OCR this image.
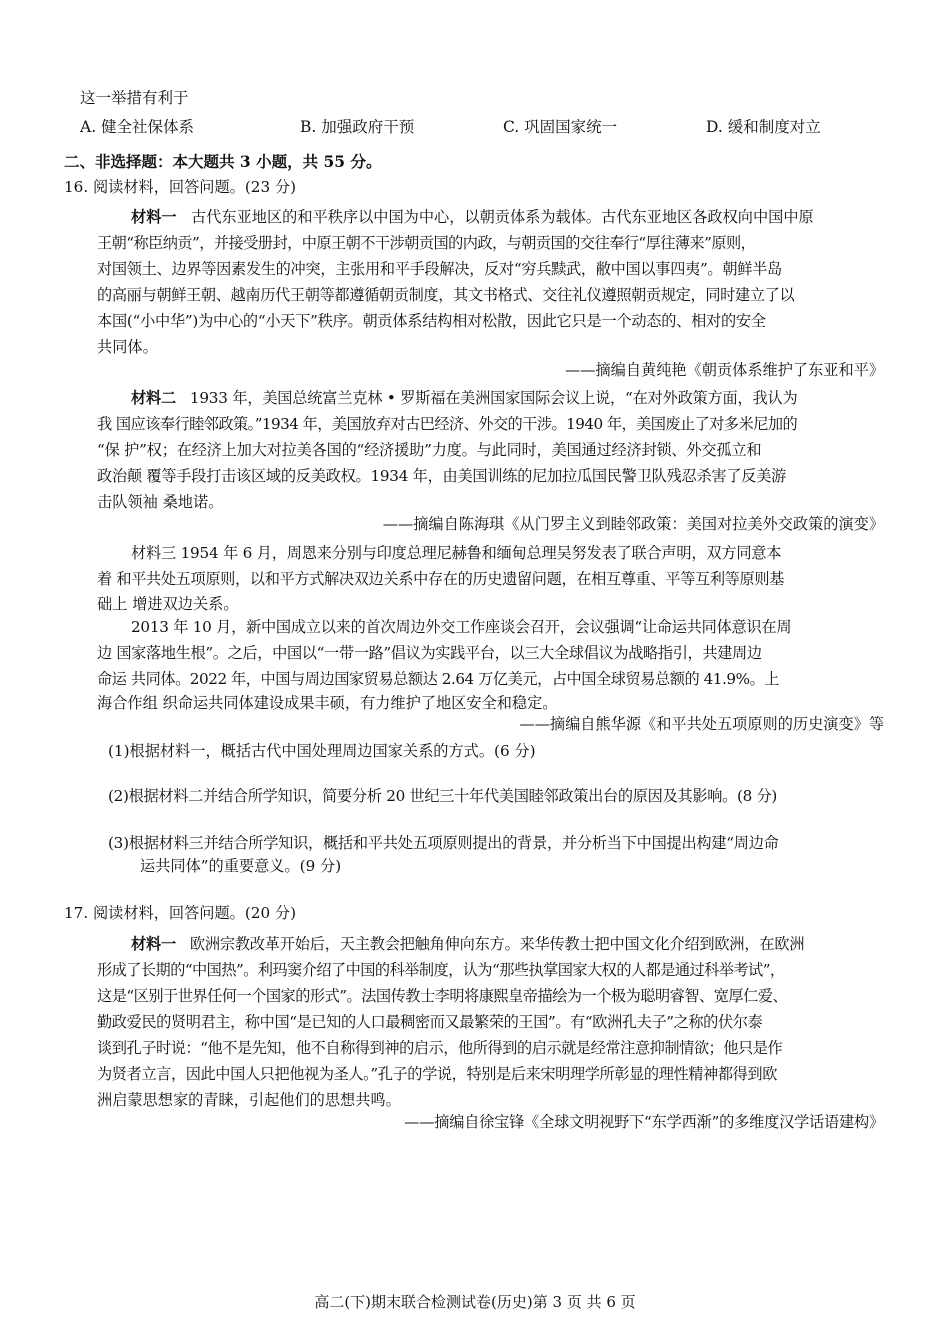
这一举措有利于
A. 健全社保体系	B. 加强政府干预	C. 巩固国家统一	D. 缓和制度对立
二、非选择题：本大题共 3 小题，共 55 分。
16. 阅读材料，回答问题。(23 分)
材料一 古代东亚地区的和平秩序以中国为中心，以朝贡体系为载体。古代东亚地区各政权向中国中原
王朝“称臣纳贡”，并接受册封，中原王朝不干涉朝贡国的内政，与朝贡国的交往奉行“厚往薄来”原则，
对国领土、边界等因素发生的冲突，主张用和平手段解决，反对“穷兵黩武，敝中国以事四夷”。朝鲜半岛
的高丽与朝鲜王朝、越南历代王朝等都遵循朝贡制度，其文书格式、交往礼仪遵照朝贡规定，同时建立了以
本国(“小中华”)为中心的“小天下”秩序。朝贡体系结构相对松散，因此它只是一个动态的、相对的安全
共同体。
——摘编自黄纯艳《朝贡体系维护了东亚和平》
材料二 1933 年，美国总统富兰克林 • 罗斯福在美洲国家国际会议上说，“在对外政策方面，我认为
我 国应该奉行睦邻政策。”1934 年，美国放弃对古巴经济、外交的干涉。1940 年，美国废止了对多米尼加的
“保 护”权；在经济上加大对拉美各国的“经济援助”力度。与此同时，美国通过经济封锁、外交孤立和
政治颠 覆等手段打击该区域的反美政权。1934 年，由美国训练的尼加拉瓜国民警卫队残忍杀害了反美游
击队领袖 桑地诺。
——摘编自陈海琪《从门罗主义到睦邻政策：美国对拉美外交政策的演变》
材料三 1954 年 6 月，周恩来分别与印度总理尼赫鲁和缅甸总理吴努发表了联合声明，双方同意本
着 和平共处五项原则，以和平方式解决双边关系中存在的历史遗留问题，在相互尊重、平等互利等原则基
础上 增进双边关系。
2013 年 10 月，新中国成立以来的首次周边外交工作座谈会召开，会议强调“让命运共同体意识在周
边 国家落地生根”。之后，中国以“一带一路”倡议为实践平台，以三大全球倡议为战略指引，共建周边
命运 共同体。2022 年，中国与周边国家贸易总额达 2.64 万亿美元，占中国全球贸易总额的 41.9%。上
海合作组 织命运共同体建设成果丰硕，有力维护了地区安全和稳定。
——摘编自熊华源《和平共处五项原则的历史演变》等
(1)根据材料一，概括古代中国处理周边国家关系的方式。(6 分)
(2)根据材料二并结合所学知识，简要分析 20 世纪三十年代美国睦邻政策出台的原因及其影响。(8 分)
(3)根据材料三并结合所学知识，概括和平共处五项原则提出的背景，并分析当下中国提出构建“周边命
运共同体”的重要意义。(9 分)
17. 阅读材料，回答问题。(20 分)
材料一 欧洲宗教改革开始后，天主教会把触角伸向东方。来华传教士把中国文化介绍到欧洲，在欧洲
形成了长期的“中国热”。利玛窦介绍了中国的科举制度，认为“那些执掌国家大权的人都是通过科举考试”，
这是“区别于世界任何一个国家的形式”。法国传教士李明将康熙皇帝描绘为一个极为聪明睿智、宽厚仁爱、
勤政爱民的贤明君主，称中国“是已知的人口最稠密而又最繁荣的王国”。有“欧洲孔夫子”之称的伏尔泰
谈到孔子时说：“他不是先知，他不自称得到神的启示，他所得到的启示就是经常注意抑制情欲；他只是作
为贤者立言，因此中国人只把他视为圣人。”孔子的学说，特别是后来宋明理学所彰显的理性精神都得到欧
洲启蒙思想家的青睐，引起他们的思想共鸣。
——摘编自徐宝锋《全球文明视野下“东学西渐”的多维度汉学话语建构》
高二(下)期末联合检测试卷(历史)第 3 页 共 6 页
